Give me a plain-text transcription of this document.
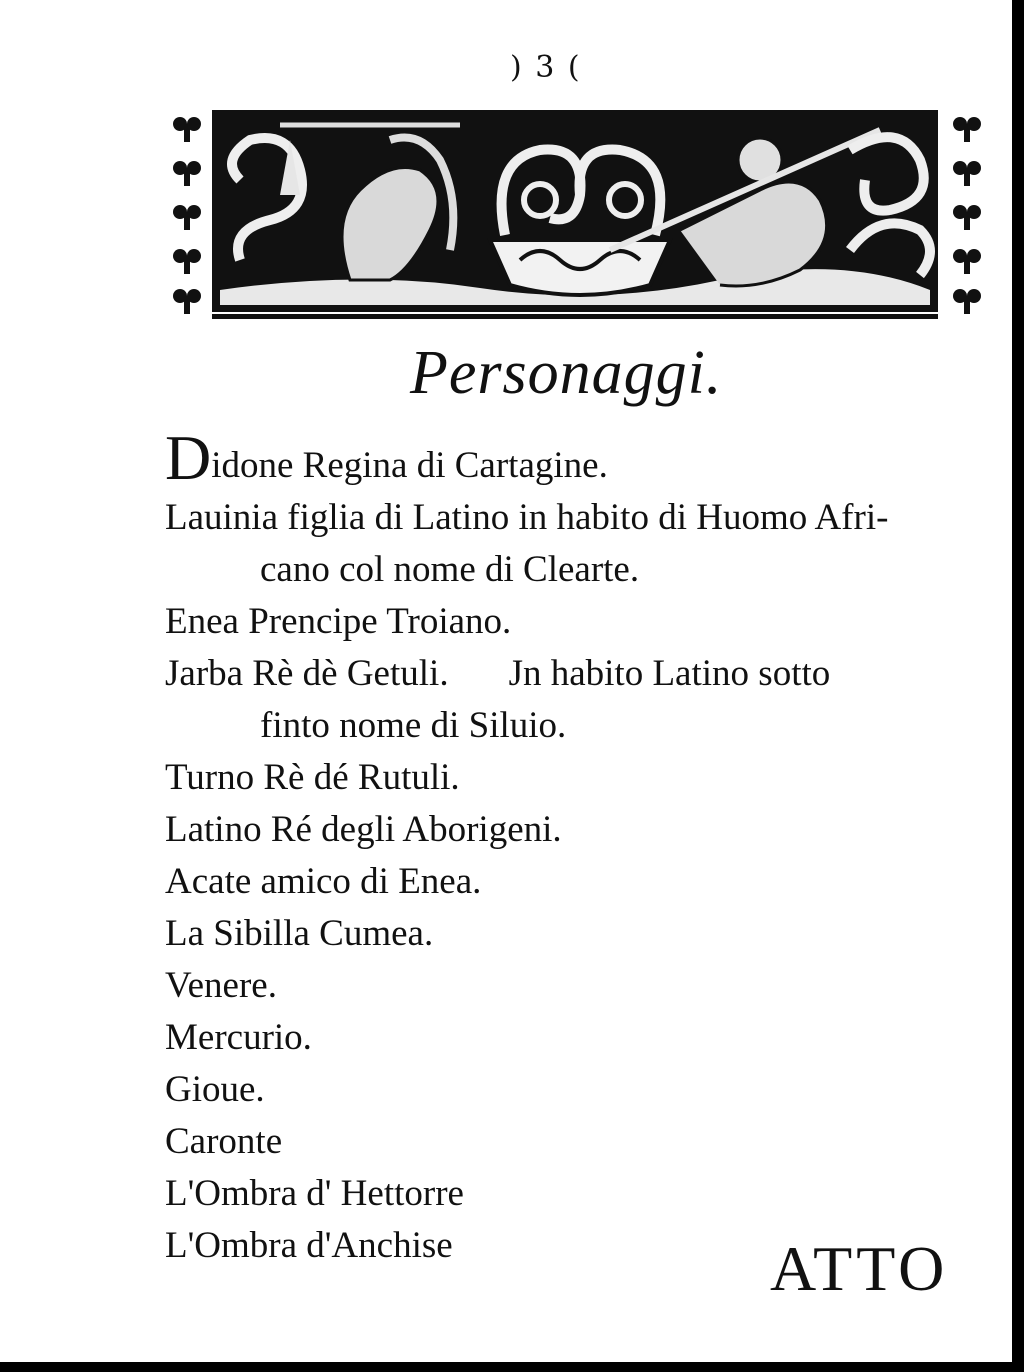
) 3 (
Personaggi.

Didone Regina di Cartagine.

Lauinia figlia di Latino in habito di Huomo Afri-

cano col nome di Clearte.

Enea Prencipe Troiano.

Jarba Rè dè Getuli. Jn habito Latino sotto

finto nome di Siluio.

Turno Rè dé Rutuli.

Latino Ré degli Aborigeni.

Acate amico di Enea.

La Sibilla Cumea.

Venere.

Mercurio.

Gioue.

Caronte

L'Ombra d' Hettorre

L'Ombra d'Anchise	ATTO
